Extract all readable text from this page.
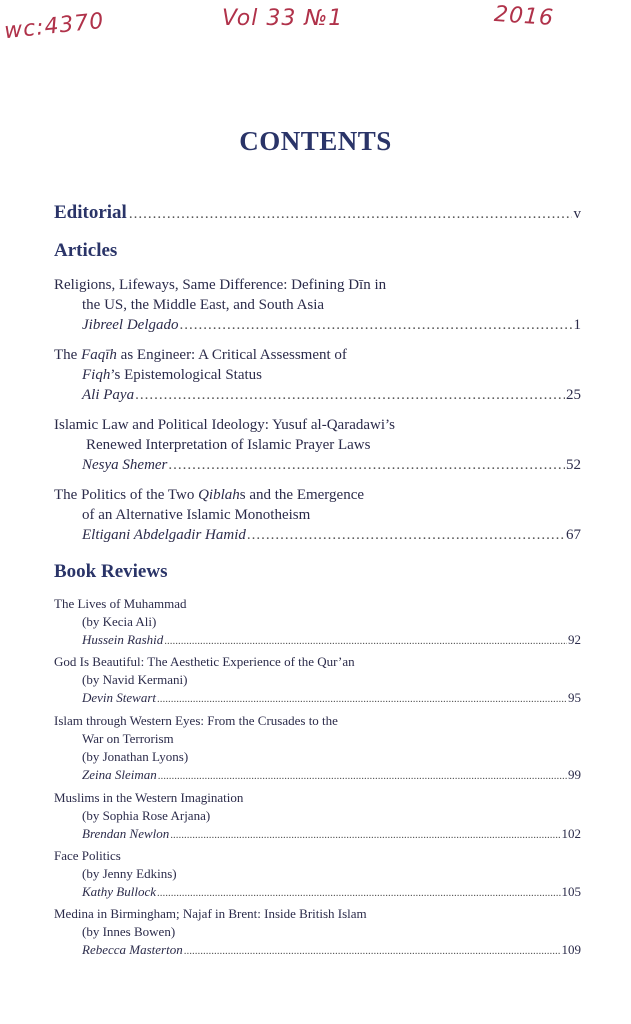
wc:4370	Vol 33 №1	2016
CONTENTS
Editorial .....	v
Articles
Religions, Lifeways, Same Difference: Defining Dīn in
the US, the Middle East, and South Asia
Jibreel Delgado .....	1
The Faqīh as Engineer: A Critical Assessment of
Fiqh’s Epistemological Status
Ali Paya .....	25
Islamic Law and Political Ideology: Yusuf al-Qaradawi’s
Renewed Interpretation of Islamic Prayer Laws
Nesya Shemer .....	52
The Politics of the Two Qiblahs and the Emergence
of an Alternative Islamic Monotheism
Eltigani Abdelgadir Hamid .....	67
Book Reviews
The Lives of Muhammad
(by Kecia Ali)
Hussein Rashid .....	92
God Is Beautiful: The Aesthetic Experience of the Qur’an
(by Navid Kermani)
Devin Stewart .....	95
Islam through Western Eyes: From the Crusades to the
War on Terrorism
(by Jonathan Lyons)
Zeina Sleiman .....	99
Muslims in the Western Imagination
(by Sophia Rose Arjana)
Brendan Newlon .....	102
Face Politics
(by Jenny Edkins)
Kathy Bullock .....	105
Medina in Birmingham; Najaf in Brent: Inside British Islam
(by Innes Bowen)
Rebecca Masterton .....	109
